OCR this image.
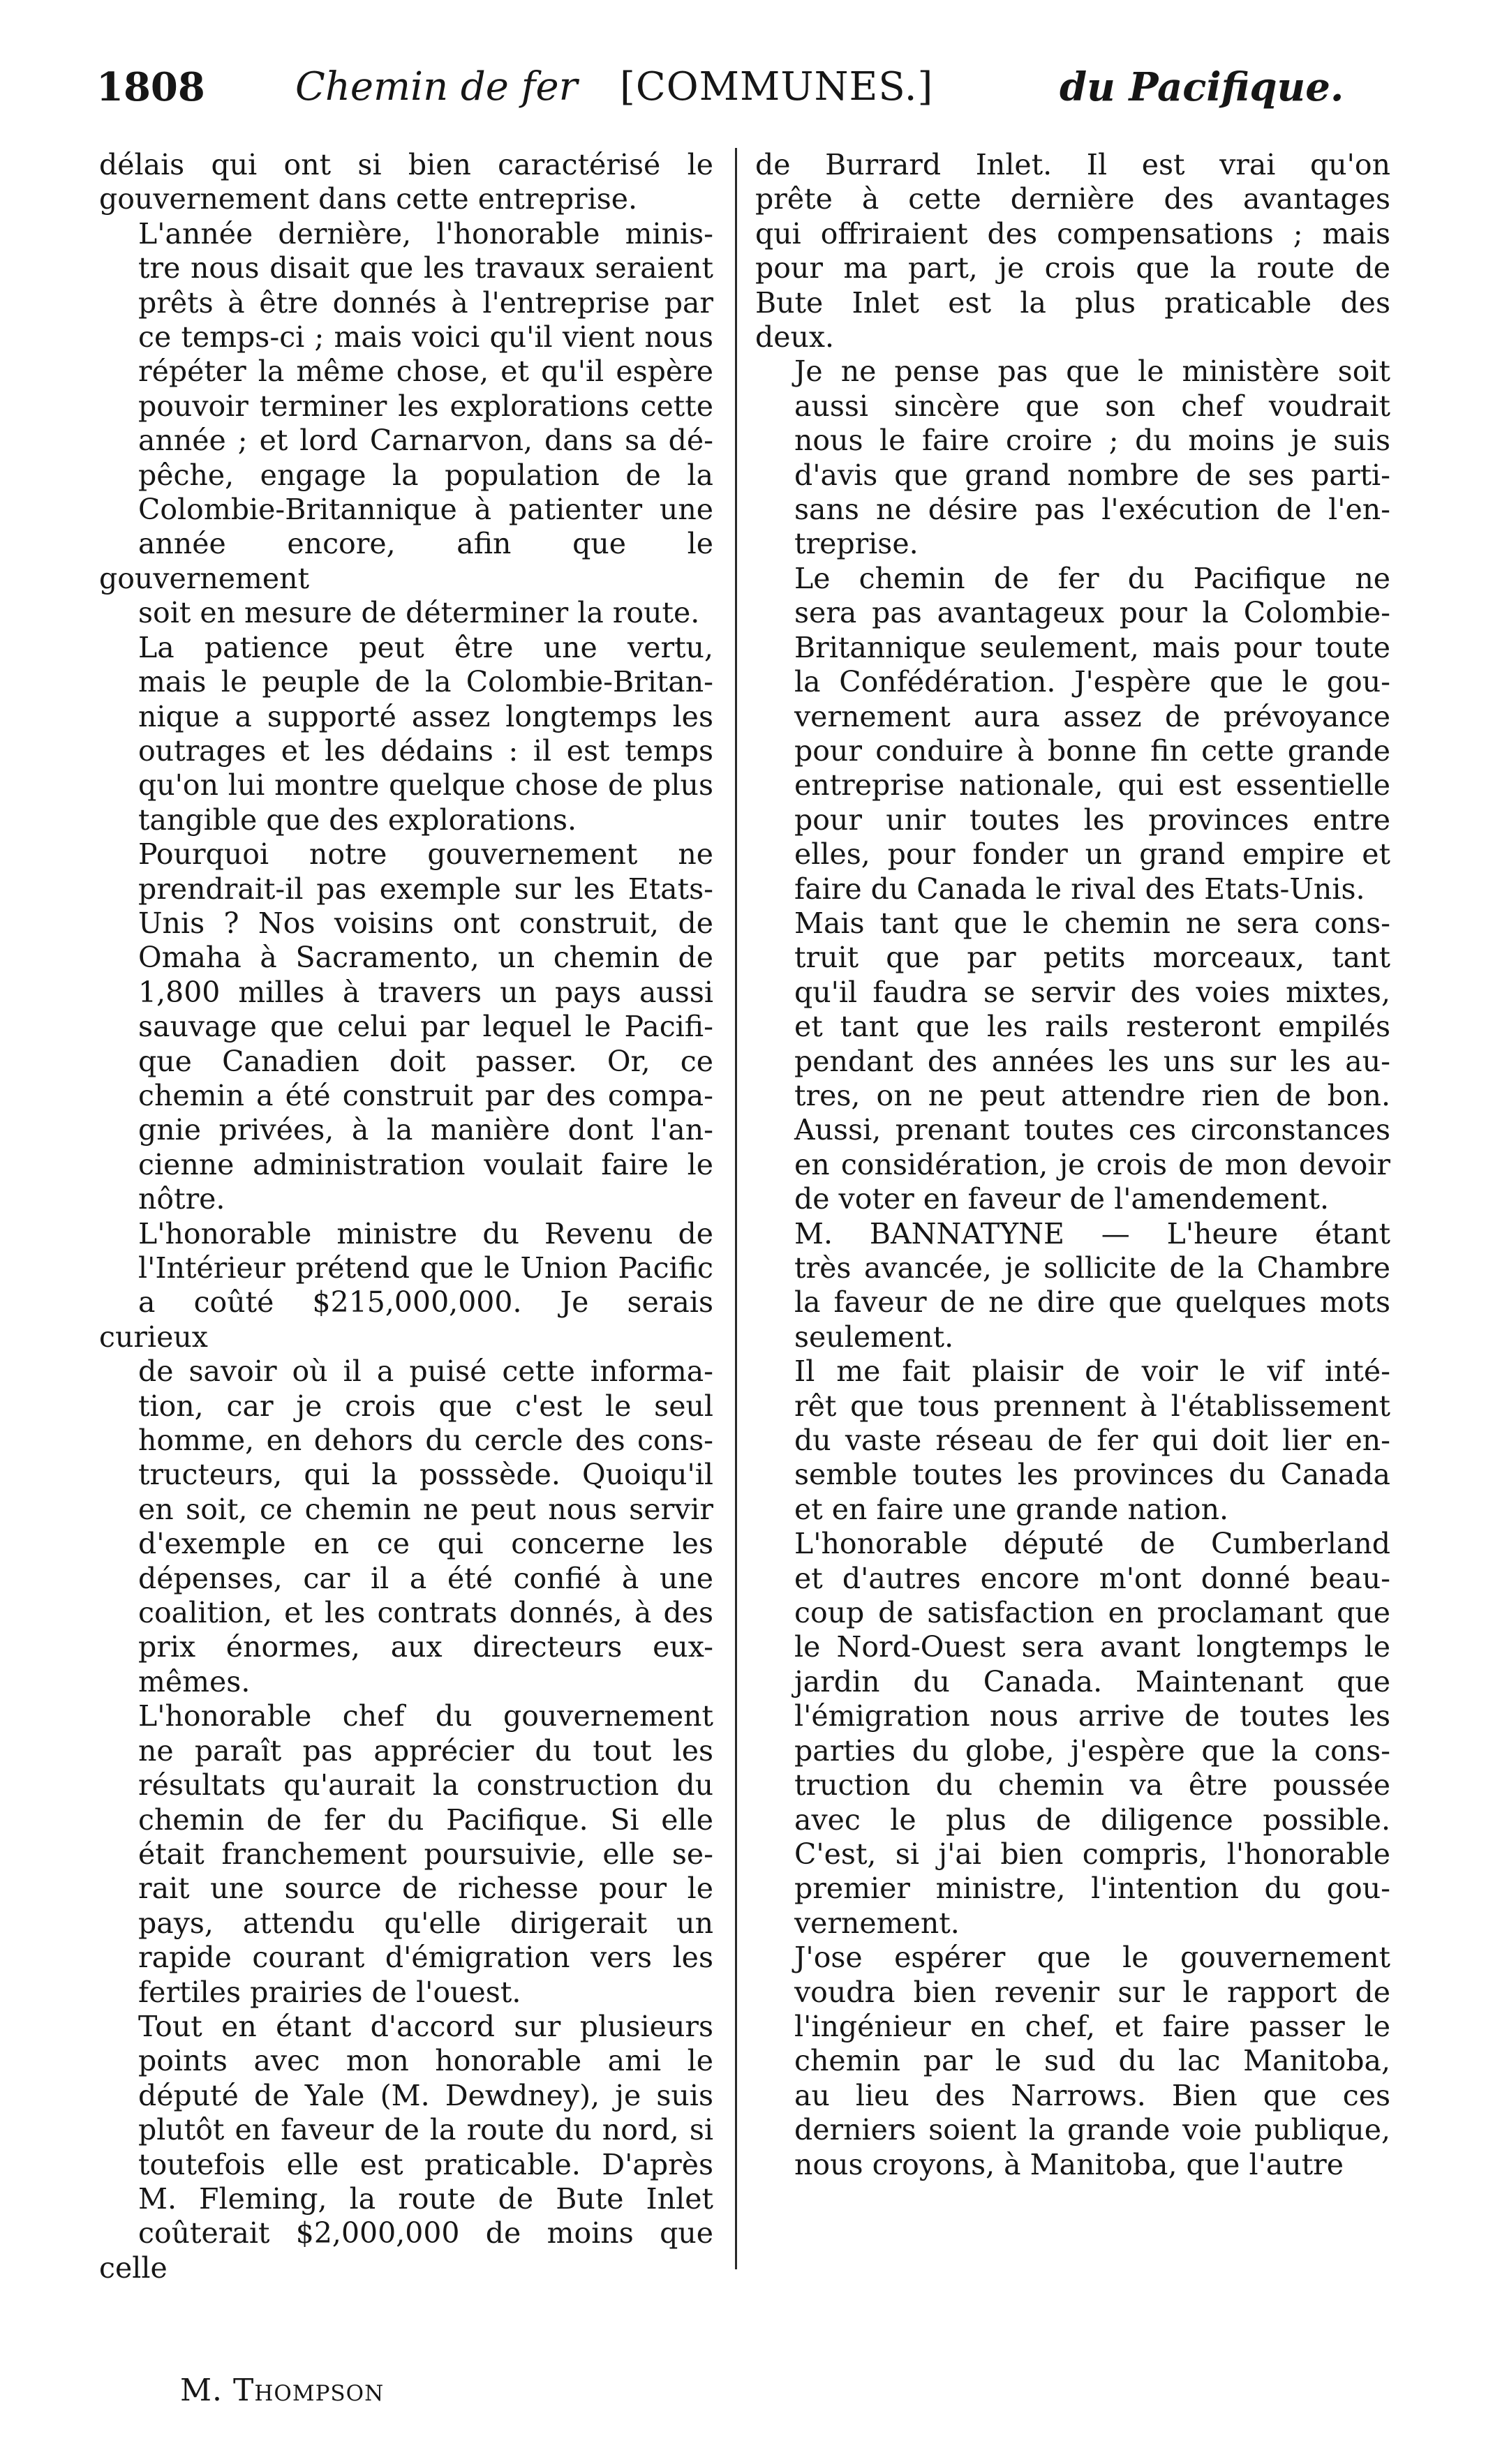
1808 Chemin de fer [COMMUNES.]	du Pacifique.

délais qui ont si bien caractérisé le
gouvernement dans cette entreprise.

L'année dernière, l'honorable minis-
tre nous disait que les travaux seraient
prêts à être donnés à l'entreprise par
ce temps-ci ; mais voici qu'il vient nous
répéter la même chose, et qu'il espère
pouvoir terminer les explorations cette
année ; et lord Carnarvon, dans sa dé-
pêche, engage la population de la
Colombie-Britannique à patienter une
année encore, afin que le gouvernement
soit en mesure de déterminer la route.

La patience peut être une vertu,
mais le peuple de la Colombie-Britan-
nique a supporté assez longtemps les
outrages et les dédains : il est temps
qu'on lui montre quelque chose de plus
tangible que des explorations.

Pourquoi notre gouvernement ne
prendrait-il pas exemple sur les Etats-
Unis ? Nos voisins ont construit, de
Omaha à Sacramento, un chemin de
1,800 milles à travers un pays aussi
sauvage que celui par lequel le Pacifi-
que Canadien doit passer. Or, ce
chemin a été construit par des compa-
gnie privées, à la manière dont l'an-
cienne administration voulait faire le
nôtre.

L'honorable ministre du Revenu de
l'Intérieur prétend que le Union Pacific
a coûté $215,000,000. Je serais curieux
de savoir où il a puisé cette informa-
tion, car je crois que c'est le seul
homme, en dehors du cercle des cons-
tructeurs, qui la posssède. Quoiqu'il
en soit, ce chemin ne peut nous servir
d'exemple en ce qui concerne les
dépenses, car il a été confié à une
coalition, et les contrats donnés, à des
prix énormes, aux directeurs eux-
mêmes.

L'honorable chef du gouvernement
ne paraît pas apprécier du tout les
résultats qu'aurait la construction du
chemin de fer du Pacifique. Si elle
était franchement poursuivie, elle se-
rait une source de richesse pour le
pays, attendu qu'elle dirigerait un
rapide courant d'émigration vers les
fertiles prairies de l'ouest.

Tout en étant d'accord sur plusieurs
points avec mon honorable ami le
député de Yale (M. Dewdney), je suis
plutôt en faveur de la route du nord, si
toutefois elle est praticable. D'après
M. Fleming, la route de Bute Inlet
coûterait $2,000,000 de moins que celle

de Burrard Inlet. Il est vrai qu'on
prête à cette dernière des avantages
qui offriraient des compensations ; mais
pour ma part, je crois que la route de
Bute Inlet est la plus praticable des
deux.

Je ne pense pas que le ministère soit
aussi sincère que son chef voudrait
nous le faire croire ; du moins je suis
d'avis que grand nombre de ses parti-
sans ne désire pas l'exécution de l'en-
treprise.

Le chemin de fer du Pacifique ne
sera pas avantageux pour la Colombie-
Britannique seulement, mais pour toute
la Confédération. J'espère que le gou-
vernement aura assez de prévoyance
pour conduire à bonne fin cette grande
entreprise nationale, qui est essentielle
pour unir toutes les provinces entre
elles, pour fonder un grand empire et
faire du Canada le rival des Etats-Unis.

Mais tant que le chemin ne sera cons-
truit que par petits morceaux, tant
qu'il faudra se servir des voies mixtes,
et tant que les rails resteront empilés
pendant des années les uns sur les au-
tres, on ne peut attendre rien de bon.
Aussi, prenant toutes ces circonstances
en considération, je crois de mon devoir
de voter en faveur de l'amendement.

M. BANNATYNE — L'heure étant
très avancée, je sollicite de la Chambre
la faveur de ne dire que quelques mots
seulement.

Il me fait plaisir de voir le vif inté-
rêt que tous prennent à l'établissement
du vaste réseau de fer qui doit lier en-
semble toutes les provinces du Canada
et en faire une grande nation.

L'honorable député de Cumberland
et d'autres encore m'ont donné beau-
coup de satisfaction en proclamant que
le Nord-Ouest sera avant longtemps le
jardin du Canada. Maintenant que
l'émigration nous arrive de toutes les
parties du globe, j'espère que la cons-
truction du chemin va être poussée
avec le plus de diligence possible.
C'est, si j'ai bien compris, l'honorable
premier ministre, l'intention du gou-
vernement.

J'ose espérer que le gouvernement
voudra bien revenir sur le rapport de
l'ingénieur en chef, et faire passer le
chemin par le sud du lac Manitoba,
au lieu des Narrows. Bien que ces
derniers soient la grande voie publique,
nous croyons, à Manitoba, que l'autre

M. Thompson
